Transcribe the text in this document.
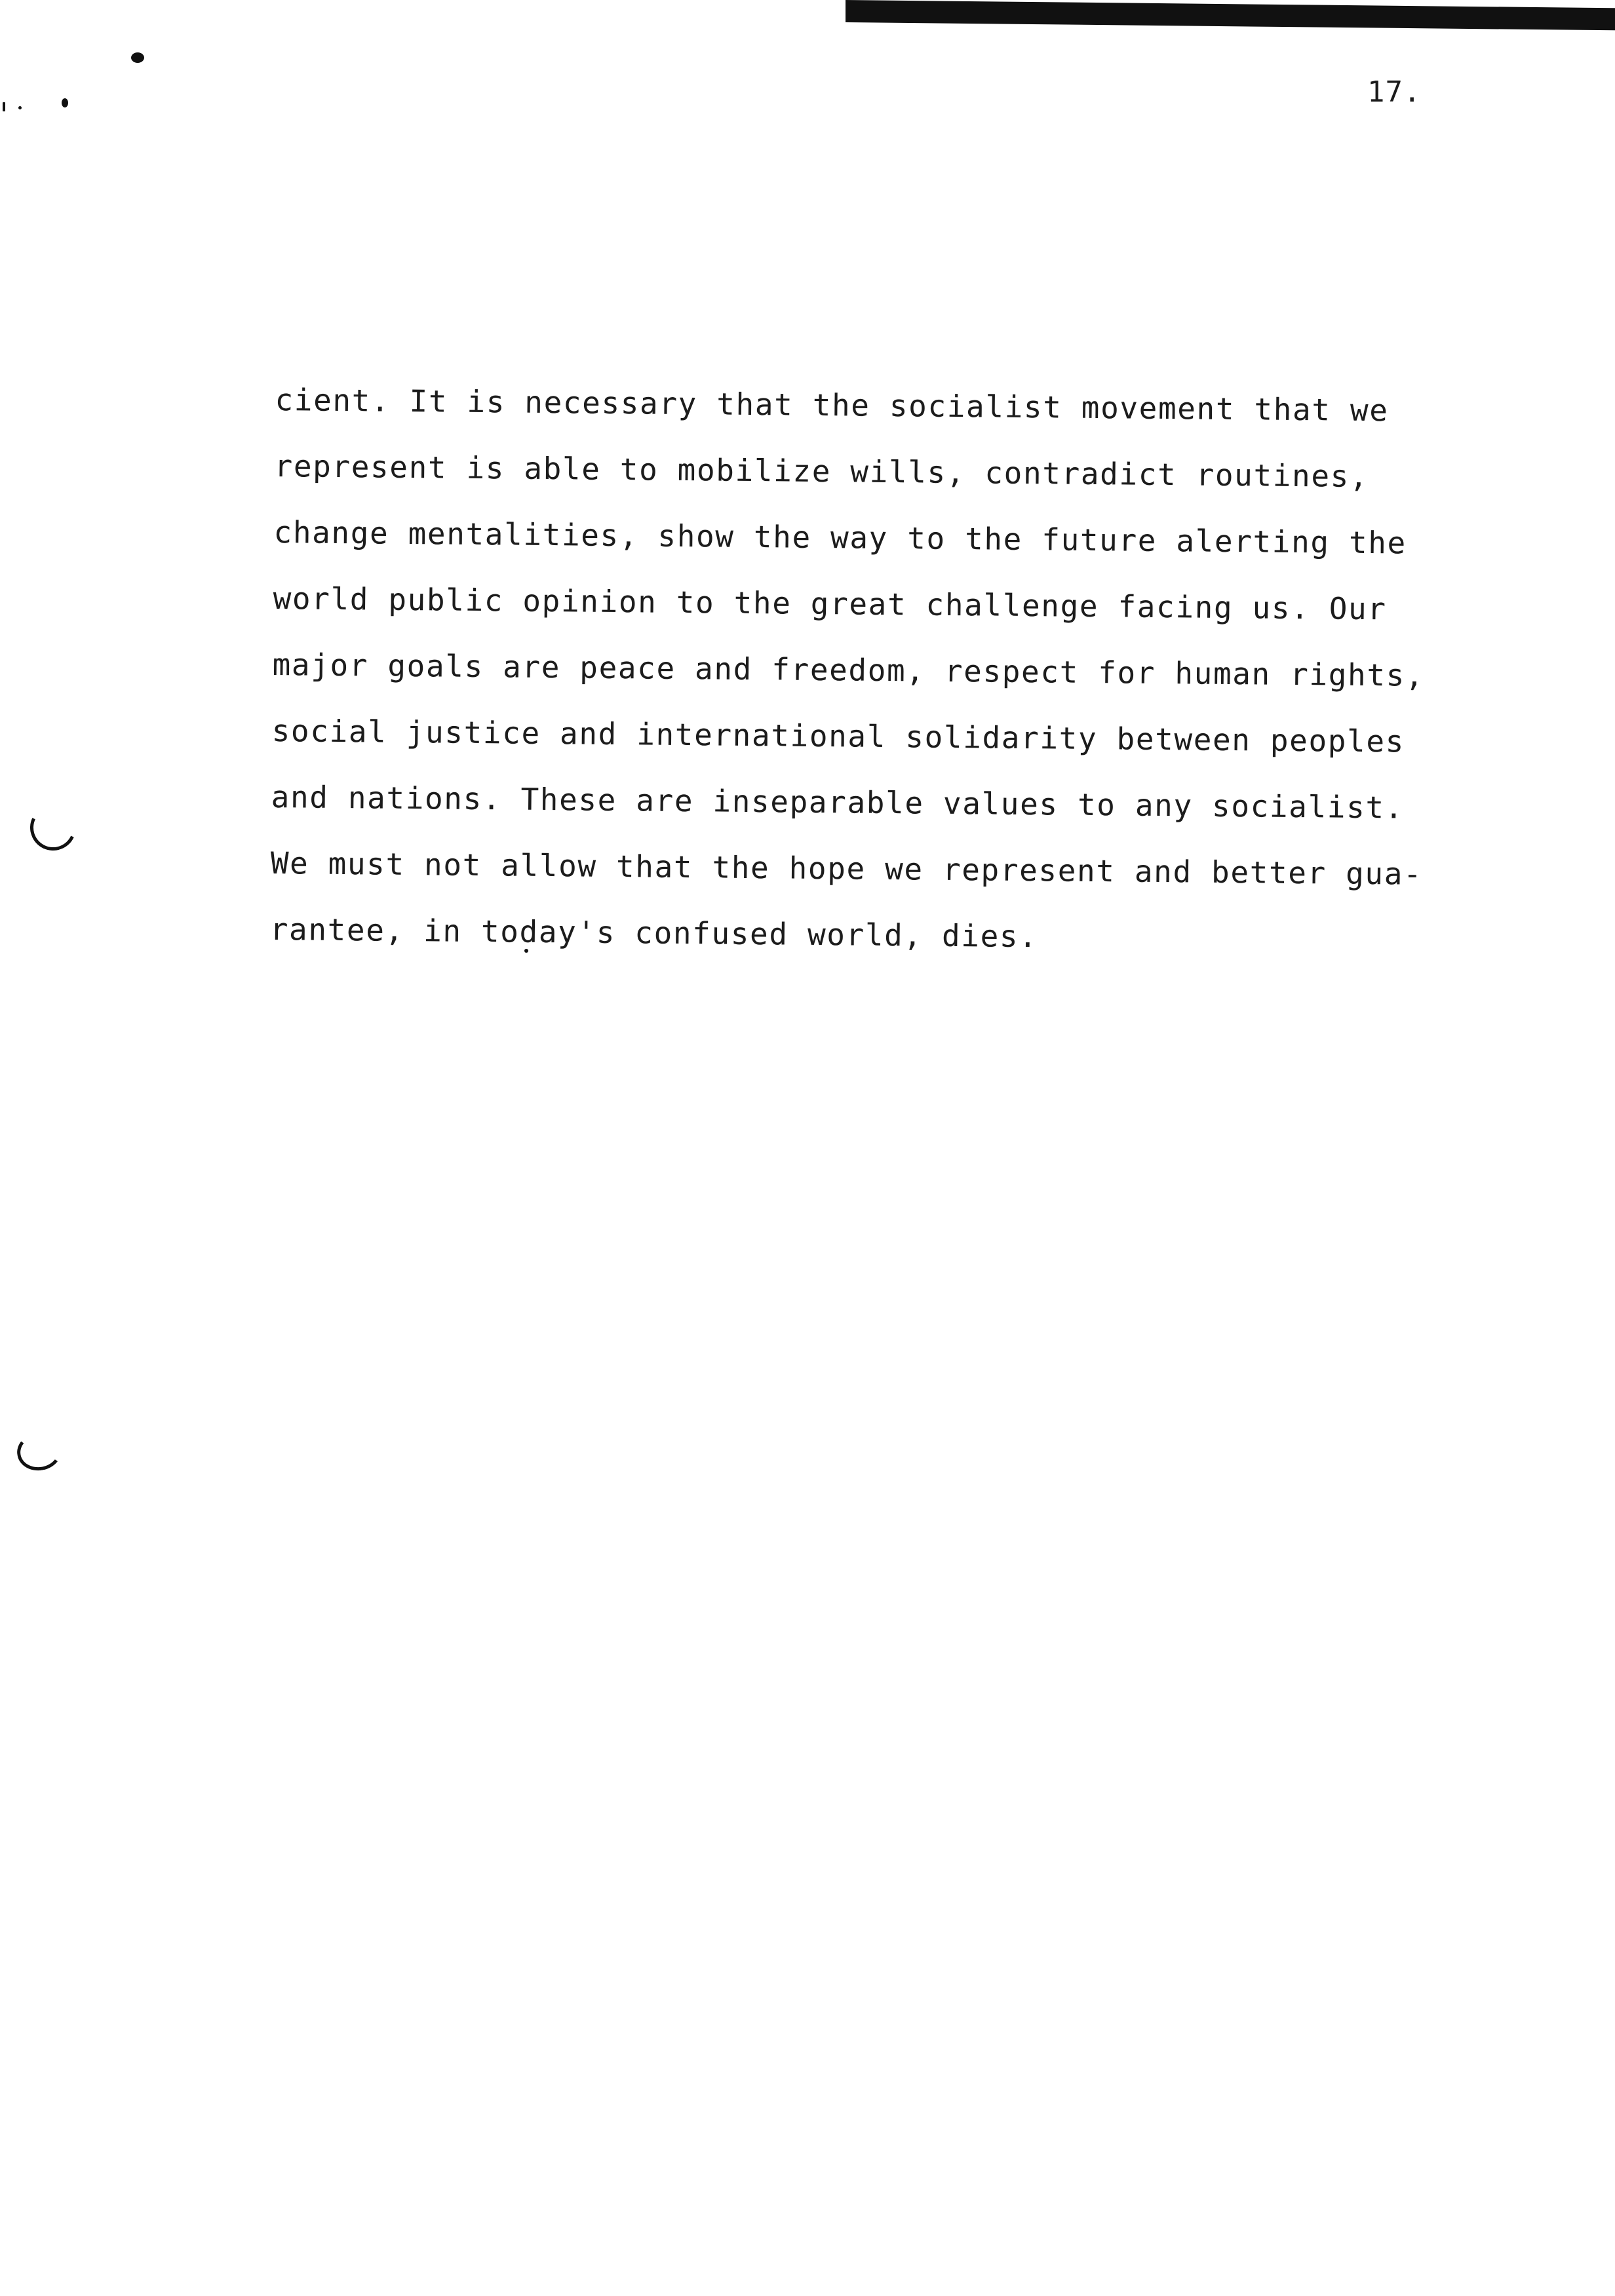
17.
cient. It is necessary that the socialist movement that we
represent is able to mobilize wills, contradict routines,
change mentalities, show the way to the future alerting the
world public opinion to the great challenge facing us. Our
major goals are peace and freedom, respect for human rights,
social justice and international solidarity between peoples
and nations. These are inseparable values to any socialist.
We must not allow that the hope we represent and better gua-
rantee, in today's confused world, dies.
